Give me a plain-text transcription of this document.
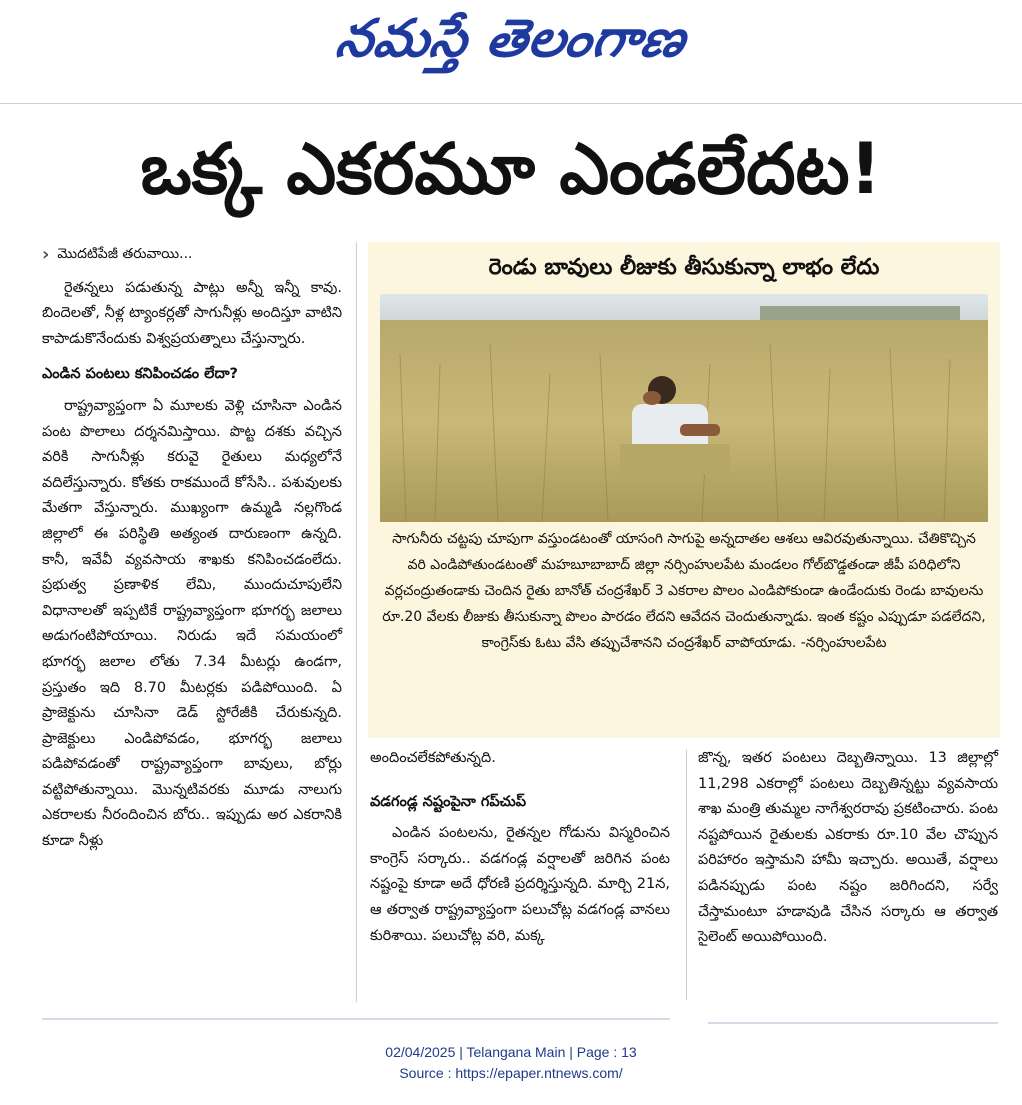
నమస్తే తెలంగాణ
ఒక్క ఎకరమూ ఎండలేదట!
› మొదటిపేజీ తరువాయి...

రైతన్నలు పడుతున్న పాట్లు అన్నీ ఇన్నీ కావు. బిందెలతో, నీళ్ల ట్యాంకర్లతో సాగునీళ్లు అందిస్తూ వాటిని కాపాడుకొనేందుకు విశ్వప్రయత్నాలు చేస్తున్నారు.

ఎండిన పంటలు కనిపించడం లేదా?

రాష్ట్రవ్యాప్తంగా ఏ మూలకు వెళ్లి చూసినా ఎండిన పంట పొలాలు దర్శనమిస్తాయి. పొట్ట దశకు వచ్చిన వరికి సాగునీళ్లు కరువై రైతులు మధ్యలోనే వదిలేస్తున్నారు. కోతకు రాకముందే కోసేసి.. పశువులకు మేతగా వేస్తున్నారు. ముఖ్యంగా ఉమ్మడి నల్లగొండ జిల్లాలో ఈ పరిస్థితి అత్యంత దారుణంగా ఉన్నది. కానీ, ఇవేవీ వ్యవసాయ శాఖకు కనిపించడంలేదు. ప్రభుత్వ ప్రణాళిక లేమి, ముందుచూపులేని విధానాలతో ఇప్పటికే రాష్ట్రవ్యాప్తంగా భూగర్భ జలాలు అడుగంటిపోయాయి. నిరుడు ఇదే సమయంలో భూగర్భ జలాల లోతు 7.34 మీటర్లు ఉండగా, ప్రస్తుతం ఇది 8.70 మీటర్లకు పడిపోయింది. ఏ ప్రాజెక్టును చూసినా డెడ్ స్టోరేజీకి చేరుకున్నది. ప్రాజెక్టులు ఎండిపోవడం, భూగర్భ జలాలు పడిపోవడంతో రాష్ట్రవ్యాప్తంగా బావులు, బోర్లు వట్టిపోతున్నాయి. మొన్నటివరకు మూడు నాలుగు ఎకరాలకు నీరందించిన బోరు.. ఇప్పుడు అర ఎకరానికి కూడా నీళ్లు

రెండు బావులు లీజుకు తీసుకున్నా లాభం లేదు
సాగునీరు చట్టపు చూపుగా వస్తుండటంతో యాసంగి సాగుపై అన్నదాతల ఆశలు ఆవిరవుతున్నాయి. చేతికొచ్చిన వరి ఎండిపోతుండటంతో మహబూబాబాద్ జిల్లా నర్సింహులపేట మండలం గోల్‌బొడ్డతండా జీపీ పరిధిలోని వర్లచంద్రుతండాకు చెందిన రైతు బానోత్ చంద్రశేఖర్ 3 ఎకరాల పొలం ఎండిపోకుండా ఉండేందుకు రెండు బావులను రూ.20 వేలకు లీజుకు తీసుకున్నా పొలం పారడం లేదని ఆవేదన చెందుతున్నాడు. ఇంత కష్టం ఎప్పుడూ పడలేదని, కాంగ్రెస్‌కు ఓటు వేసి తప్పుచేశానని చంద్రశేఖర్ వాపోయాడు. -నర్సింహులపేట

అందించలేకపోతున్నది.

వడగండ్ల నష్టంపైనా గప్‌చుప్

ఎండిన పంటలను, రైతన్నల గోడును విస్మరించిన కాంగ్రెస్ సర్కారు.. వడగండ్ల వర్షాలతో జరిగిన పంట నష్టంపై కూడా అదే ధోరణి ప్రదర్శిస్తున్నది. మార్చి 21న, ఆ తర్వాత రాష్ట్రవ్యాప్తంగా పలుచోట్ల వడగండ్ల వానలు కురిశాయి. పలుచోట్ల వరి, మక్క

జొన్న, ఇతర పంటలు దెబ్బతిన్నాయి. 13 జిల్లాల్లో 11,298 ఎకరాల్లో పంటలు దెబ్బతిన్నట్టు వ్యవసాయ శాఖ మంత్రి తుమ్మల నాగేశ్వరరావు ప్రకటించారు. పంట నష్టపోయిన రైతులకు ఎకరాకు రూ.10 వేల చొప్పున పరిహారం ఇస్తామని హామీ ఇచ్చారు. అయితే, వర్షాలు పడినప్పుడు పంట నష్టం జరిగిందని, సర్వే చేస్తామంటూ హడావుడి చేసిన సర్కారు ఆ తర్వాత సైలెంట్ అయిపోయింది.

02/04/2025 | Telangana Main | Page : 13
Source : https://epaper.ntnews.com/
